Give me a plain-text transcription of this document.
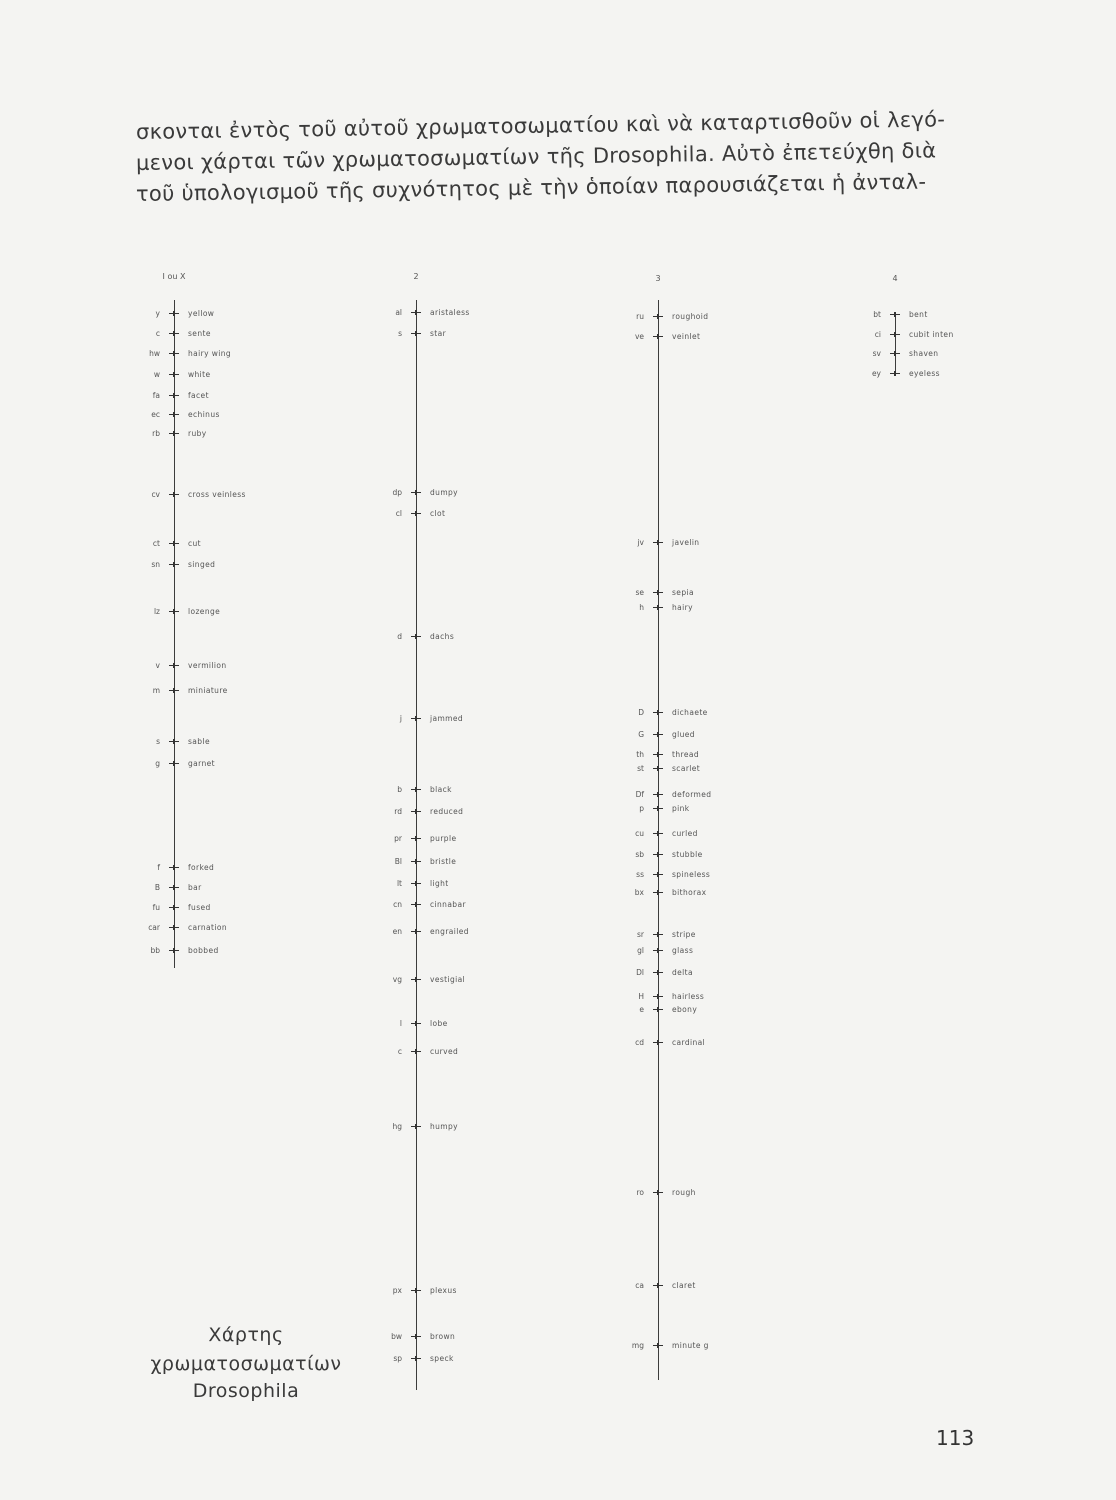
σκονται ἐντὸς τοῦ αὐτοῦ χρωματοσωματίου καὶ νὰ καταρτισθοῦν οἱ λεγό-
μενοι χάρται τῶν χρωματοσωματίων τῆς Drosophila. Αὐτὸ ἐπετεύχθη διὰ
τοῦ ὑπολογισμοῦ τῆς συχνότητος μὲ τὴν ὁποίαν παρουσιάζεται ἡ ἀνταλ-
I ou X
y	yellow
c	sente
hw	hairy wing
w	white
fa	facet
ec	echinus
rb	ruby
cv	cross veinless
ct	cut
sn	singed
lz	lozenge
v	vermilion
m	miniature
s	sable
g	garnet
f	forked
B	bar
fu	fused
car	carnation
bb	bobbed
2
al	aristaless
s	star
dp	dumpy
cl	clot
d	dachs
j	jammed
b	black
rd	reduced
pr	purple
Bl	bristle
lt	light
cn	cinnabar
en	engrailed
vg	vestigial
l	lobe
c	curved
hg	humpy
px	plexus
bw	brown
sp	speck
3
ru	roughoid
ve	veinlet
jv	javelin
se	sepia
h	hairy
D	dichaete
G	glued
th	thread
st	scarlet
Df	deformed
p	pink
cu	curled
sb	stubble
ss	spineless
bx	bithorax
sr	stripe
gl	glass
Dl	delta
H	hairless
e	ebony
cd	cardinal
ro	rough
ca	claret
mg	minute g
4
bt	bent
ci	cubit inten
sv	shaven
ey	eyeless
Χάρτης
χρωματοσωματίων
Drosophila
113
